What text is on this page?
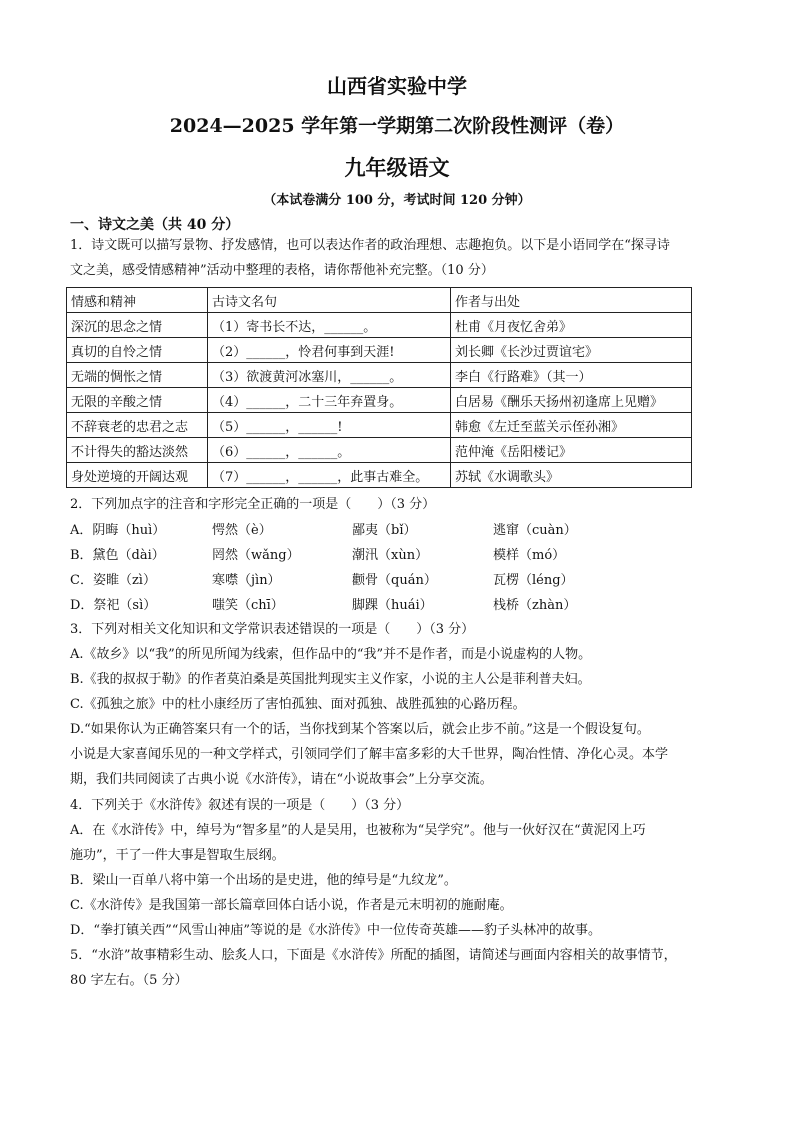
山西省实验中学
2024—2025 学年第一学期第二次阶段性测评（卷）
九年级语文
（本试卷满分 100 分，考试时间 120 分钟）
一、诗文之美（共 40 分）
1．诗文既可以描写景物、抒发感情，也可以表达作者的政治理想、志趣抱负。以下是小语同学在“探寻诗
文之美，感受情感精神”活动中整理的表格，请你帮他补充完整。（10 分）
情感和精神	古诗文名句	作者与出处
深沉的思念之情	（1）寄书长不达，______。	杜甫《月夜忆舍弟》
真切的自怜之情	（2）______，怜君何事到天涯!	刘长卿《长沙过贾谊宅》
无端的惆怅之情	（3）欲渡黄河冰塞川，______。	李白《行路难》（其一）
无限的辛酸之情	（4）______，二十三年弃置身。	白居易《酬乐天扬州初逢席上见赠》
不辞衰老的忠君之志	（5）______，______!	韩愈《左迁至蓝关示侄孙湘》
不计得失的豁达淡然	（6）______，______。	范仲淹《岳阳楼记》
身处逆境的开阔达观	（7）______，______，此事古难全。	苏轼《水调歌头》
2．下列加点字的注音和字形完全正确的一项是（　　）（3 分）
A．阴晦（huì）	愕然（è）	鄙夷（bǐ）	逃窜（cuàn）
B．黛色（dài）	罔然（wǎng）	潮汛（xùn）	模样（mó）
C．姿睢（zì）	寒噤（jìn）	颧骨（quán）	瓦楞（léng）
D．祭祀（sì）	嗤笑（chī）	脚踝（huái）	栈桥（zhàn）
3．下列对相关文化知识和文学常识表述错误的一项是（　　）（3 分）
A.《故乡》以“我”的所见所闻为线索，但作品中的“我”并不是作者，而是小说虚构的人物。
B.《我的叔叔于勒》的作者莫泊桑是英国批判现实主义作家，小说的主人公是菲利普夫妇。
C.《孤独之旅》中的杜小康经历了害怕孤独、面对孤独、战胜孤独的心路历程。
D.“如果你认为正确答案只有一个的话，当你找到某个答案以后，就会止步不前。”这是一个假设复句。
小说是大家喜闻乐见的一种文学样式，引领同学们了解丰富多彩的大千世界，陶冶性情、净化心灵。本学
期，我们共同阅读了古典小说《水浒传》，请在“小说故事会”上分享交流。
4．下列关于《水浒传》叙述有误的一项是（　　）（3 分）
A．在《水浒传》中，绰号为“智多星”的人是吴用，也被称为“吴学究”。他与一伙好汉在“黄泥冈上巧
施功”，干了一件大事是智取生辰纲。
B．梁山一百单八将中第一个出场的是史进，他的绰号是“九纹龙”。
C.《水浒传》是我国第一部长篇章回体白话小说，作者是元末明初的施耐庵。
D．“拳打镇关西”“风雪山神庙”等说的是《水浒传》中一位传奇英雄——豹子头林冲的故事。
5．“水浒”故事精彩生动、脍炙人口，下面是《水浒传》所配的插图，请简述与画面内容相关的故事情节，
80 字左右。（5 分）
